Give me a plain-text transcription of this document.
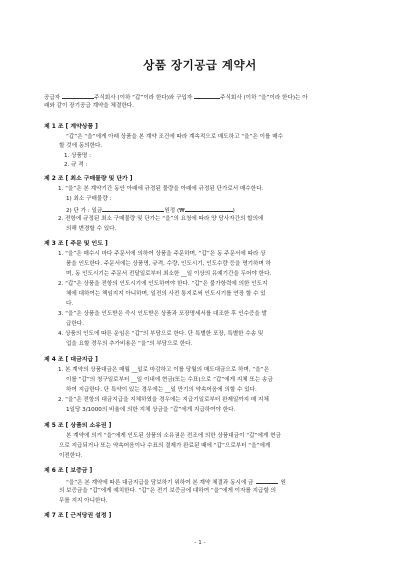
상품 장기공급 계약서
공급자	주식회사 (이하 “갑”이라 한다)와 구입자	주식회사 (이하 “을”이라 한다)는 아
래와 같이 장기공급 계약을 체결한다.
제 1 조 [ 계약상품 ]
“갑”은 “을”에게 아래 상품을 본 계약 조건에 따라 계속적으로 매도하고 “을”은 이를 매수
할 것에 동의한다.
1. 상품명 :
2. 규 격 :
제 2 조 [ 최소 구매물량 및 단가 ]
1. “을”은 본 계약기간 동안 아래에 규정된 물량을 아래에 규정된 단가로서 매수한다.
1) 최소 구매물량 :
2) 단 가 : 일금	원정 (₩	)
2. 전항에 규정된 최소 구매물량 및 단가는 “을”의 요청에 따라 양 당사자간의 합의에
의해 변경할 수 있다.
제 3 조 [ 주문 및 인도 ]
1. “을”은 매수시 마다 주문서에 의하여 상품을 주문하며, “갑”은 동 주문서에 따라 상
품을 인도한다. 주문서에는 상품명, 규격, 수량, 인도시기, 인도수량 등을 명기하며 하
며, 동 인도시기는 주문서 전달일로부터 최소한 __일 이상의 유예기간을 두어야 한다.
2. “갑”은 상품을 전항의 인도시기에 인도하여야 한다. “갑”은 불가항력에 의한 인도지
체에 대하여는 책임지지 아니하며, 일전의 사전 통지로써 인도시기를 연장 할 수 있
다.
3. “을”은 상품을 인도받은 즉시 인도받은 상품과 포장명세서를 대조한 후 인수증을 발
급한다.
4. 상품의 인도에 따른 운임은 “갑”의 부담으로 한다. 단 특별한 포장, 특별한 수송 및
업을 요할 경우의 추가비용은 “을”의 부담으로 한다.
제 4 조 [ 대금지급 ]
1. 본 계약의 상품대금은 매월 __일로 마감하고 이를 당월의 매도대금으로 하며, “을”은
이를 “갑”의 청구일로부터 __일 이내에 현금(또는 수표)으로 “갑”에게 지체 또는 송금
하여 지급한다. 단 특약이 있는 경우에는 __일 만기의 약속어음에 의할 수 있다.
2. “을”은 전항의 대금지급을 지체하였을 경우에는 지급기일로부터 완제일까지 매 지체
1일당 3/1000의 비율에 의한 지체 상금을 “갑”에게 지급하여야 한다.
제 5 조 [ 상품의 소유권 ]
본 계약에 의거 “을”에게 인도된 상품의 소유권은 전조에 의한 상품대금이 “갑”에게 현금
으로 지급되거나 또는 약속어음이나 수표의 결제가 완료된 때에 “갑”으로부터 “을”에게
이전한다.
제 6 조 [ 보증금 ]
“을”은 본 계약에 따른 대금지급을 담보하기 위하여 본 계약 체결과 동시에 금	원
의 보증금을 “갑”에게 예치한다. “갑”은 전기 보증금에 대하여 “을”에게 이자를 지급할 의
무를 지지 아니한다.
제 7 조 [ 근저당권 설정 ]
- 1 -
